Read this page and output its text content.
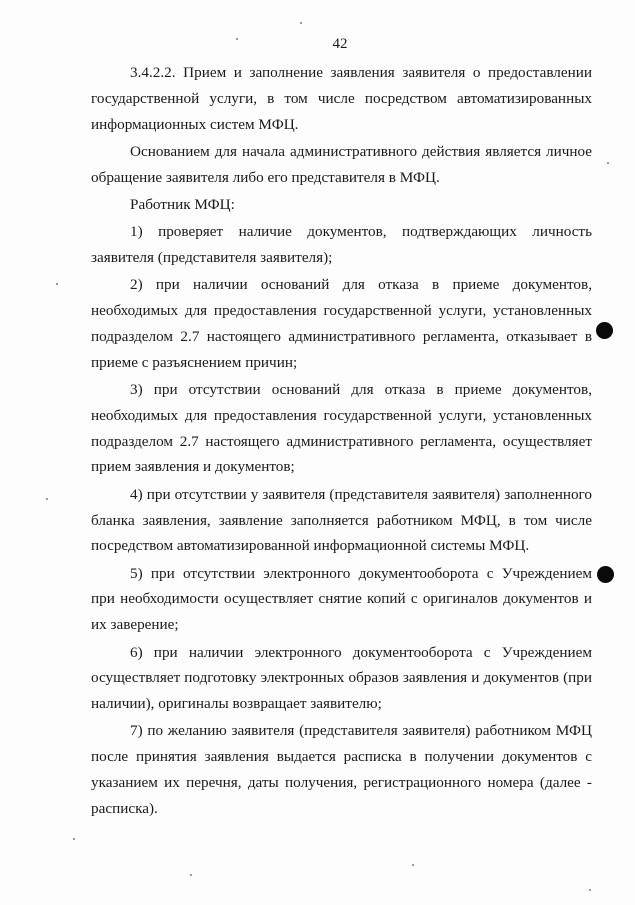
42

3.4.2.2. Прием и заполнение заявления заявителя о предоставлении государственной услуги, в том числе посредством автоматизированных информационных систем МФЦ.

Основанием для начала административного действия является личное обращение заявителя либо его представителя в МФЦ.

Работник МФЦ:

1) проверяет наличие документов, подтверждающих личность заявителя (представителя заявителя);

2) при наличии оснований для отказа в приеме документов, необходимых для предоставления государственной услуги, установленных подразделом 2.7 настоящего административного регламента, отказывает в приеме с разъяснением причин;

3) при отсутствии оснований для отказа в приеме документов, необходимых для предоставления государственной услуги, установленных подразделом 2.7 настоящего административного регламента, осуществляет прием заявления и документов;

4) при отсутствии у заявителя (представителя заявителя) заполненного бланка заявления, заявление заполняется работником МФЦ, в том числе посредством автоматизированной информационной системы МФЦ.

5) при отсутствии электронного документооборота с Учреждением при необходимости осуществляет снятие копий с оригиналов документов и их заверение;

6) при наличии электронного документооборота с Учреждением осуществляет подготовку электронных образов заявления и документов (при наличии), оригиналы возвращает заявителю;

7) по желанию заявителя (представителя заявителя) работником МФЦ после принятия заявления выдается расписка в получении документов с указанием их перечня, даты получения, регистрационного номера (далее - расписка).
